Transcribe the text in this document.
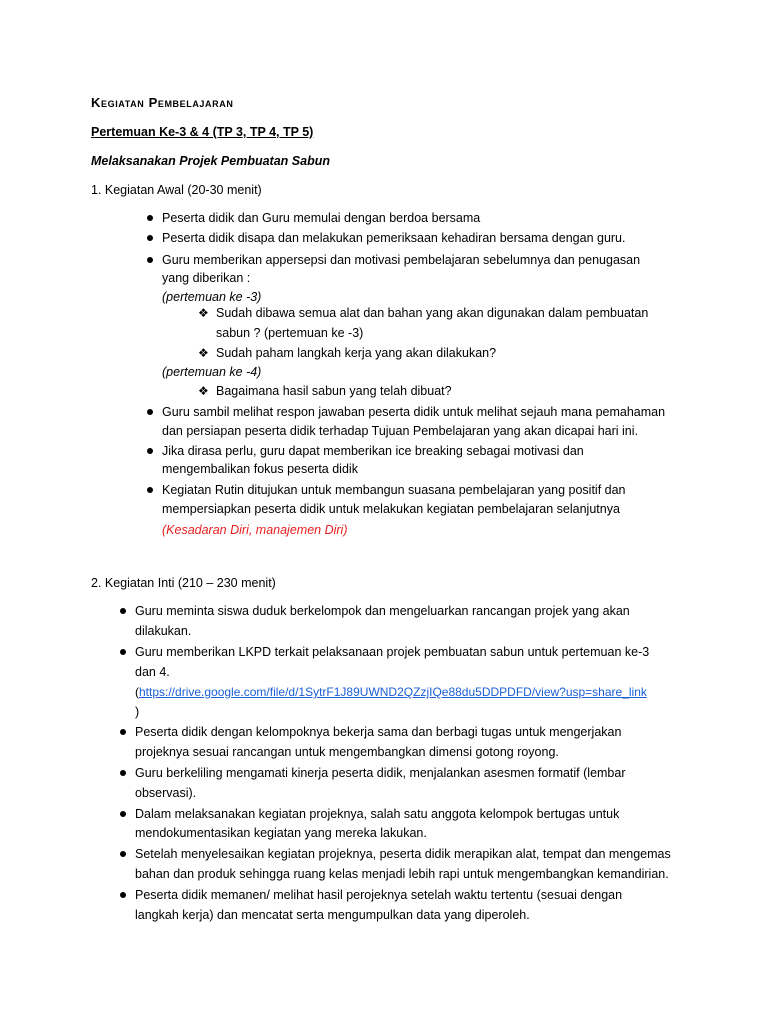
Kegiatan Pembelajaran
Pertemuan Ke-3 & 4 (TP 3, TP 4, TP 5)
Melaksanakan Projek Pembuatan Sabun
1. Kegiatan Awal (20-30 menit)
Peserta didik dan Guru memulai dengan berdoa bersama
Peserta didik disapa dan melakukan pemeriksaan kehadiran bersama dengan guru.
Guru memberikan appersepsi dan motivasi pembelajaran sebelumnya dan penugasan
yang diberikan :
(pertemuan ke -3)
❖ Sudah dibawa semua alat dan bahan yang akan digunakan dalam pembuatan
sabun ? (pertemuan ke -3)
❖ Sudah paham langkah kerja yang akan dilakukan?
(pertemuan ke -4)
❖ Bagaimana hasil sabun yang telah dibuat?
Guru sambil melihat respon jawaban peserta didik untuk melihat sejauh mana pemahaman
dan persiapan peserta didik terhadap Tujuan Pembelajaran yang akan dicapai hari ini.
Jika dirasa perlu, guru dapat memberikan ice breaking sebagai motivasi dan
mengembalikan fokus peserta didik
Kegiatan Rutin ditujukan untuk membangun suasana pembelajaran yang positif dan
mempersiapkan peserta didik untuk melakukan kegiatan pembelajaran selanjutnya
(Kesadaran Diri, manajemen Diri)
2. Kegiatan Inti (210 – 230 menit)
Guru meminta siswa duduk berkelompok dan mengeluarkan rancangan projek yang akan
dilakukan.
Guru memberikan LKPD terkait pelaksanaan projek pembuatan sabun untuk pertemuan ke-3
dan 4.
(https://drive.google.com/file/d/1SytrF1J89UWND2QZzjIQe88du5DDPDFD/view?usp=share_link
)
Peserta didik dengan kelompoknya bekerja sama dan berbagi tugas untuk mengerjakan
projeknya sesuai rancangan untuk mengembangkan dimensi gotong royong.
Guru berkeliling mengamati kinerja peserta didik, menjalankan asesmen formatif (lembar
observasi).
Dalam melaksanakan kegiatan projeknya, salah satu anggota kelompok bertugas untuk
mendokumentasikan kegiatan yang mereka lakukan.
Setelah menyelesaikan kegiatan projeknya, peserta didik merapikan alat, tempat dan mengemas
bahan dan produk sehingga ruang kelas menjadi lebih rapi untuk mengembangkan kemandirian.
Peserta didik memanen/ melihat hasil perojeknya setelah waktu tertentu (sesuai dengan
langkah kerja) dan mencatat serta mengumpulkan data yang diperoleh.
